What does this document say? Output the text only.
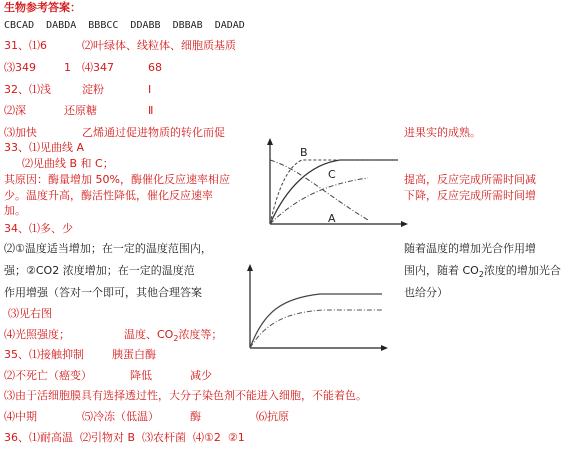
生物参考答案：
CBCAD  DABDA  BBBCC  DDABB  DBBAB  DADAD
31、⑴6	⑵叶绿体、线粒体、细胞质基质
⑶349	1 ⑷347	68
32、⑴浅	淀粉	Ⅰ
⑵深	还原糖	Ⅱ
⑶加快	乙烯通过促进物质的转化而促	进果实的成熟。
33、⑴见曲线 A
⑵见曲线 B 和 C；
其原因：酶量增加 50%，酶催化反应速率相应	提高，反应完成所需时间减
少。温度升高，酶活性降低，催化反应速率	下降，反应完成所需时间增
加。
B
C
A
34、⑴多、少
⑵①温度适当增加；在一定的温度范围内，	随着温度的增加光合作用增
强；②CO2 浓度增加；在一定的温度范	围内，随着 $CO_2$浓度的增加光合
作用增强（答对一个即可，其他合理答案	也给分）
⑶见右图
⑷光照强度；	温度、$CO_2$浓度等；
35、⑴接触抑制	胰蛋白酶
⑵不死亡（癌变）	降低	减少
⑶由于活细胞膜具有选择透过性，大分子染色剂不能进入细胞，不能着色。
⑷中期	⑸冷冻（低温）	酶	⑹抗原
36、⑴耐高温  ⑵引物对 B  ⑶农杆菌  ⑷①2  ②1
